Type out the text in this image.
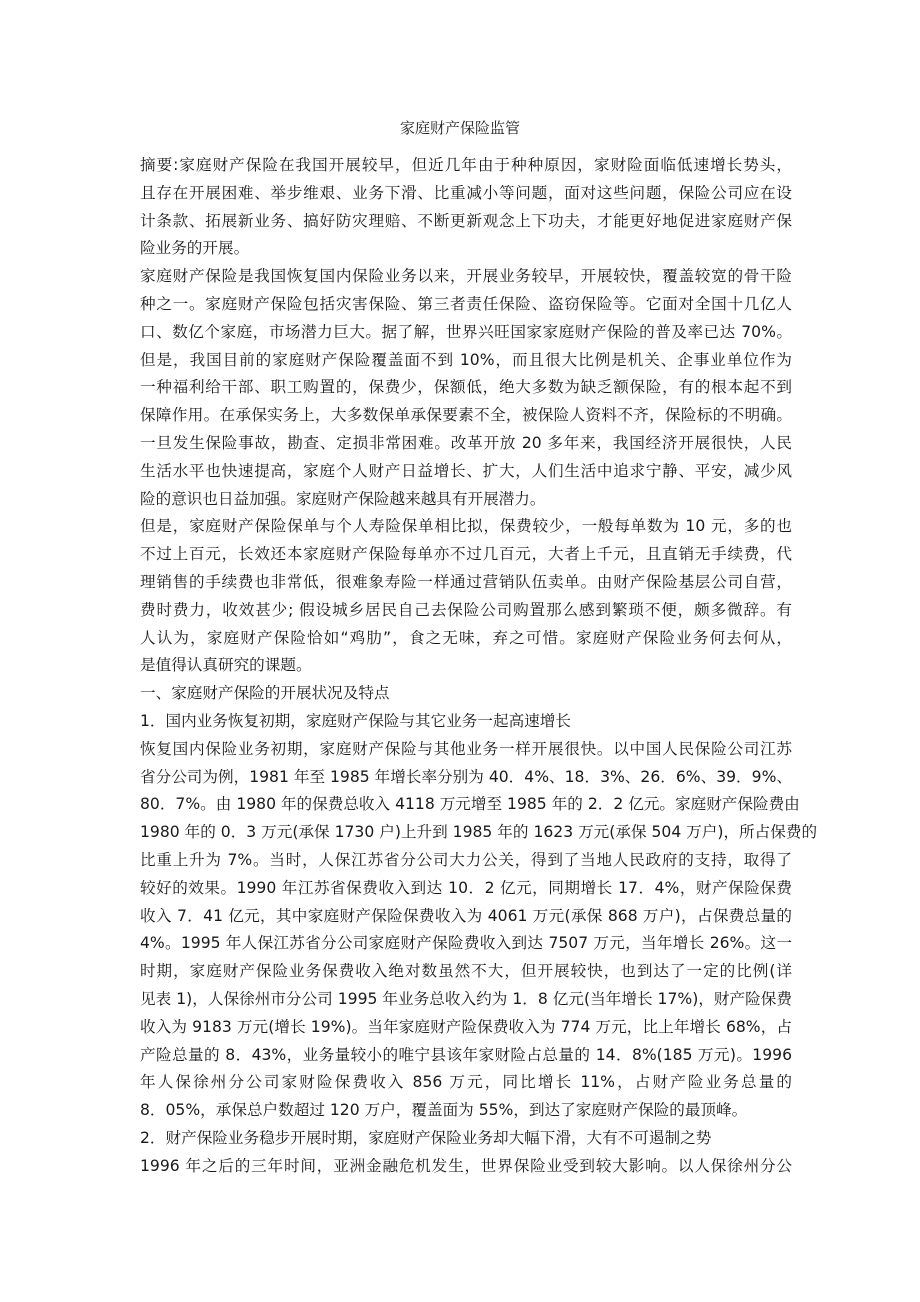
家庭财产保险监管
摘要:家庭财产保险在我国开展较早，但近几年由于种种原因，家财险面临低速增长势头，
且存在开展困难、举步维艰、业务下滑、比重减小等问题，面对这些问题，保险公司应在设
计条款、拓展新业务、搞好防灾理赔、不断更新观念上下功夫，才能更好地促进家庭财产保
险业务的开展。
家庭财产保险是我国恢复国内保险业务以来，开展业务较早，开展较快，覆盖较宽的骨干险
种之一。家庭财产保险包括灾害保险、第三者责任保险、盗窃保险等。它面对全国十几亿人
口、数亿个家庭，市场潜力巨大。据了解，世界兴旺国家家庭财产保险的普及率已达 70%。
但是，我国目前的家庭财产保险覆盖面不到 10%，而且很大比例是机关、企事业单位作为
一种福利给干部、职工购置的，保费少，保额低，绝大多数为缺乏额保险，有的根本起不到
保障作用。在承保实务上，大多数保单承保要素不全，被保险人资料不齐，保险标的不明确。
一旦发生保险事故，勘查、定损非常困难。改革开放 20 多年来，我国经济开展很快，人民
生活水平也快速提高，家庭个人财产日益增长、扩大，人们生活中追求宁静、平安，减少风
险的意识也日益加强。家庭财产保险越来越具有开展潜力。
但是，家庭财产保险保单与个人寿险保单相比拟，保费较少，一般每单数为 10 元，多的也
不过上百元，长效还本家庭财产保险每单亦不过几百元，大者上千元，且直销无手续费，代
理销售的手续费也非常低，很难象寿险一样通过营销队伍卖单。由财产保险基层公司自营，
费时费力，收效甚少; 假设城乡居民自己去保险公司购置那么感到繁琐不便，颇多微辞。有
人认为，家庭财产保险恰如“鸡肋”，食之无味，弃之可惜。家庭财产保险业务何去何从，
是值得认真研究的课题。
一、家庭财产保险的开展状况及特点
1．国内业务恢复初期，家庭财产保险与其它业务一起高速增长
恢复国内保险业务初期，家庭财产保险与其他业务一样开展很快。以中国人民保险公司江苏
省分公司为例，1981 年至 1985 年增长率分别为 40．4%、18．3%、26．6%、39．9%、
80．7%。由 1980 年的保费总收入 4118 万元增至 1985 年的 2．2 亿元。家庭财产保险费由
1980 年的 0．3 万元(承保 1730 户)上升到 1985 年的 1623 万元(承保 504 万户)，所占保费的
比重上升为 7%。当时，人保江苏省分公司大力公关，得到了当地人民政府的支持，取得了
较好的效果。1990 年江苏省保费收入到达 10．2 亿元，同期增长 17．4%，财产保险保费
收入 7．41 亿元，其中家庭财产保险保费收入为 4061 万元(承保 868 万户)，占保费总量的
4%。1995 年人保江苏省分公司家庭财产保险费收入到达 7507 万元，当年增长 26%。这一
时期，家庭财产保险业务保费收入绝对数虽然不大，但开展较快，也到达了一定的比例(详
见表 1)，人保徐州市分公司 1995 年业务总收入约为 1．8 亿元(当年增长 17%)，财产险保费
收入为 9183 万元(增长 19%)。当年家庭财产险保费收入为 774 万元，比上年增长 68%，占
产险总量的 8．43%，业务量较小的唯宁县该年家财险占总量的 14．8%(185 万元)。1996
年人保徐州分公司家财险保费收入 856 万元，同比增长 11%，占财产险业务总量的
8．05%，承保总户数超过 120 万户，覆盖面为 55%，到达了家庭财产保险的最顶峰。
2．财产保险业务稳步开展时期，家庭财产保险业务却大幅下滑，大有不可遏制之势
1996 年之后的三年时间，亚洲金融危机发生，世界保险业受到较大影响。以人保徐州分公
